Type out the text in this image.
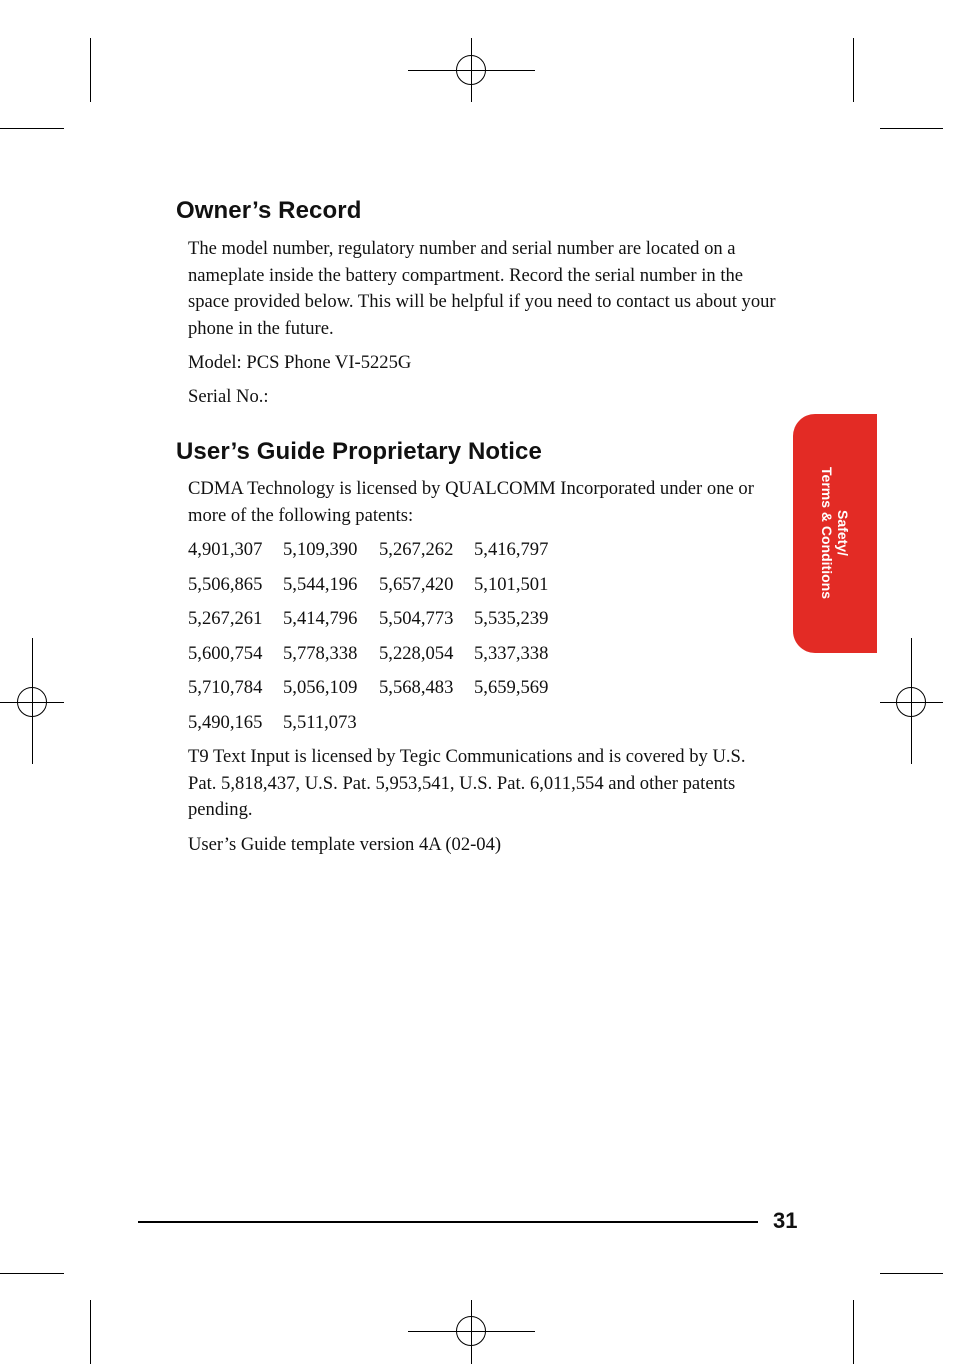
Owner’s Record

The model number, regulatory number and serial number are located on a nameplate inside the battery compartment. Record the serial number in the space provided below. This will be helpful if you need to contact us about your phone in the future.

Model: PCS Phone VI-5225G

Serial No.:

User’s Guide Proprietary Notice

CDMA Technology is licensed by QUALCOMM Incorporated under one or more of the following patents:

4,901,307 5,109,390 5,267,262 5,416,797
5,506,865 5,544,196 5,657,420 5,101,501
5,267,261 5,414,796 5,504,773 5,535,239
5,600,754 5,778,338 5,228,054 5,337,338
5,710,784 5,056,109 5,568,483 5,659,569
5,490,165 5,511,073

T9 Text Input is licensed by Tegic Communications and is covered by U.S. Pat. 5,818,437, U.S. Pat. 5,953,541, U.S. Pat. 6,011,554 and other patents pending.

User’s Guide template version 4A (02-04)

Safety/
Terms & Conditions
31
